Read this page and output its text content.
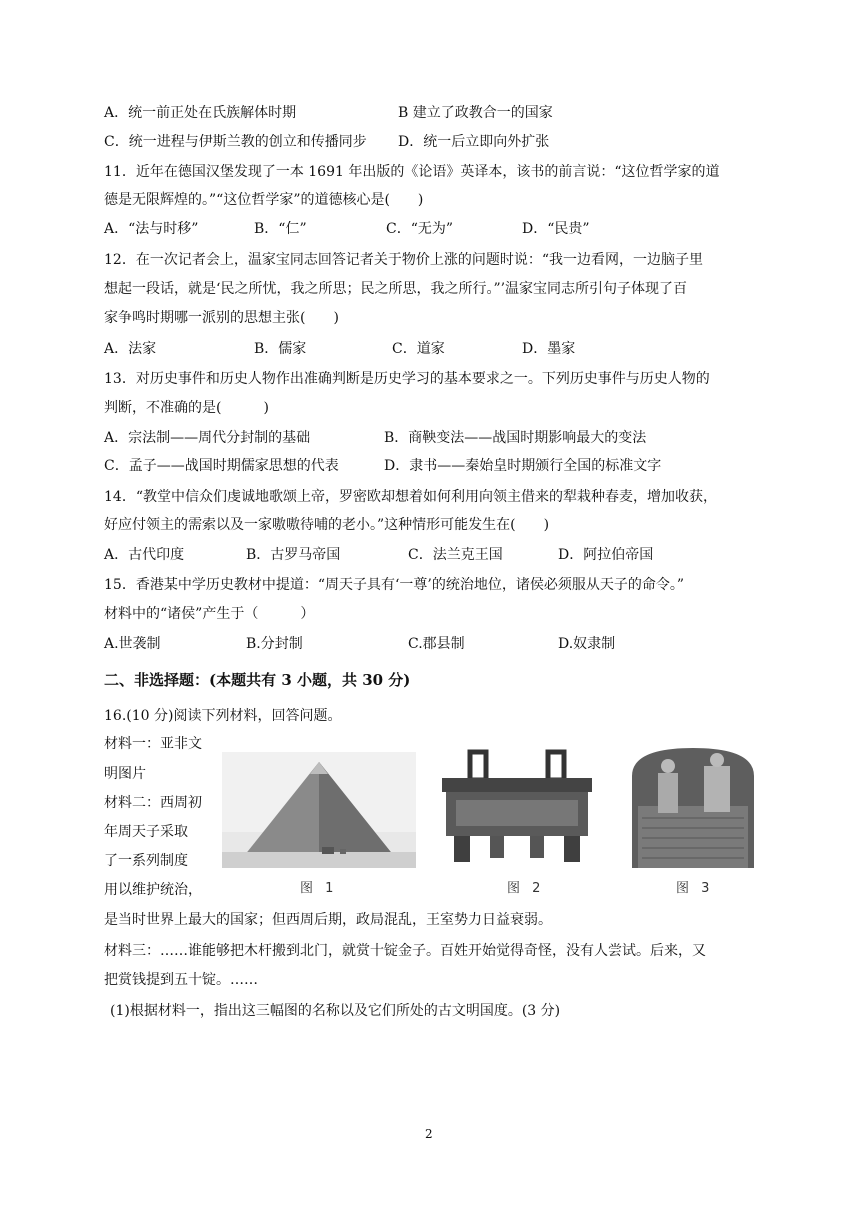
A．统一前正处在氏族解体时期	B 建立了政教合一的国家
C．统一进程与伊斯兰教的创立和传播同步 D．统一后立即向外扩张
11．近年在德国汉堡发现了一本 1691 年出版的《论语》英译本，该书的前言说：“这位哲学家的道
德是无限辉煌的。”“这位哲学家”的道德核心是(　　)
A．“法与时移”	B．“仁”	C．“无为”	D．“民贵”
12．在一次记者会上，温家宝同志回答记者关于物价上涨的问题时说：“我一边看网，一边脑子里
想起一段话，就是‘民之所忧，我之所思；民之所思，我之所行。”’温家宝同志所引句子体现了百
家争鸣时期哪一派别的思想主张(　　)
A．法家	B．儒家	C．道家	D．墨家
13．对历史事件和历史人物作出准确判断是历史学习的基本要求之一。下列历史事件与历史人物的
判断，不准确的是(　　　)
A．宗法制——周代分封制的基础	B．商鞅变法——战国时期影响最大的变法
C．孟子——战国时期儒家思想的代表	D．隶书——秦始皇时期颁行全国的标准文字
14．“教堂中信众们虔诚地歌颂上帝，罗密欧却想着如何利用向领主借来的犁栽种春麦，增加收获，
好应付领主的需索以及一家嗷嗷待哺的老小。”这种情形可能发生在(　　)
A．古代印度	B．古罗马帝国	C．法兰克王国	D．阿拉伯帝国
15．香港某中学历史教材中提道：“周天子具有‘一尊’的统治地位，诸侯必须服从天子的命令。”
材料中的“诸侯”产生于（　　　）
A.世袭制	B.分封制	C.郡县制	D.奴隶制
二、非选择题：(本题共有 3 小题，共 30 分)
16.(10 分)阅读下列材料，回答问题。
材料一：亚非文
明图片
材料二：西周初
年周天子采取
了一系列制度
用以维护统治，
是当时世界上最大的国家；但西周后期，政局混乱，王室势力日益衰弱。
材料三：……谁能够把木杆搬到北门，就赏十锭金子。百姓开始觉得奇怪，没有人尝试。后来，又
把赏钱提到五十锭。……
(1)根据材料一，指出这三幅图的名称以及它们所处的古文明国度。(3 分)
图 1	图 2	图 3
2
